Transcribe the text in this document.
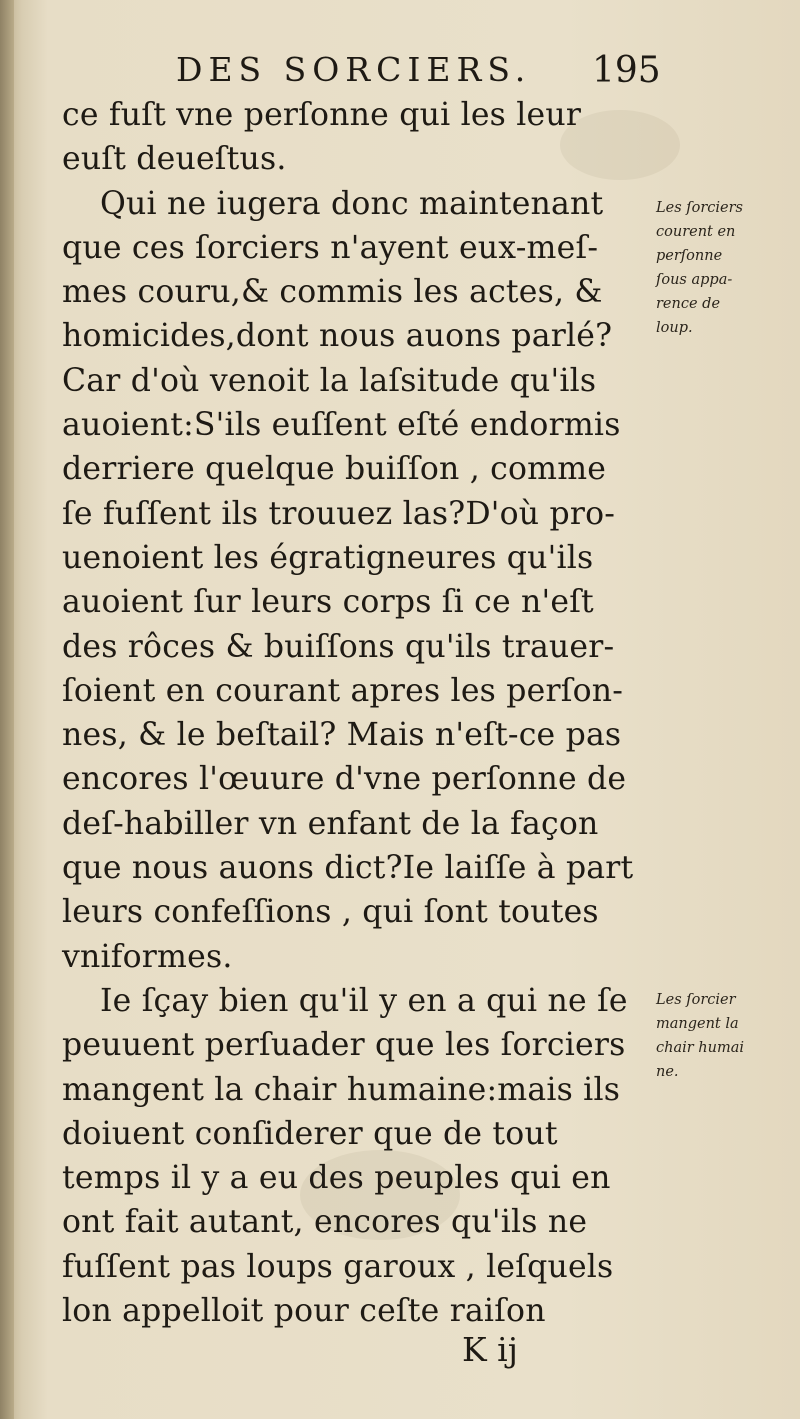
DES SORCIERS. 195
ce fuſt vne perſonne qui les leur
euſt deueſtus.
Qui ne iugera donc maintenant
que ces ſorciers n'ayent eux-meſ-
mes couru,& commis les actes, &
homicides,dont nous auons parlé?
Car d'où venoit la laſsitude qu'ils
auoient:S'ils euſſent eſté endormis
derriere quelque buiſſon , comme
ſe fuſſent ils trouuez las?D'où pro-
uenoient les égratigneures qu'ils
auoient ſur leurs corps ſi ce n'eſt
des rôces & buiſſons qu'ils trauer-
ſoient en courant apres les perſon-
nes, & le beſtail? Mais n'eſt-ce pas
encores l'œuure d'vne perſonne de
deſ-habiller vn enfant de la façon
que nous auons dict?Ie laiſſe à part
leurs confeſſions , qui ſont toutes
vniformes.
Ie ſçay bien qu'il y en a qui ne ſe
peuuent perſuader que les ſorciers
mangent la chair humaine:mais ils
doiuent conſiderer que de tout
temps il y a eu des peuples qui en
ont fait autant, encores qu'ils ne
fuſſent pas loups garoux , leſquels
lon appelloit pour ceſte raiſon
Les ſorciers
courent en
perſonne
ſous appa-
rence de
loup.
Les ſorcier
mangent la
chair humai
ne.
K ij
